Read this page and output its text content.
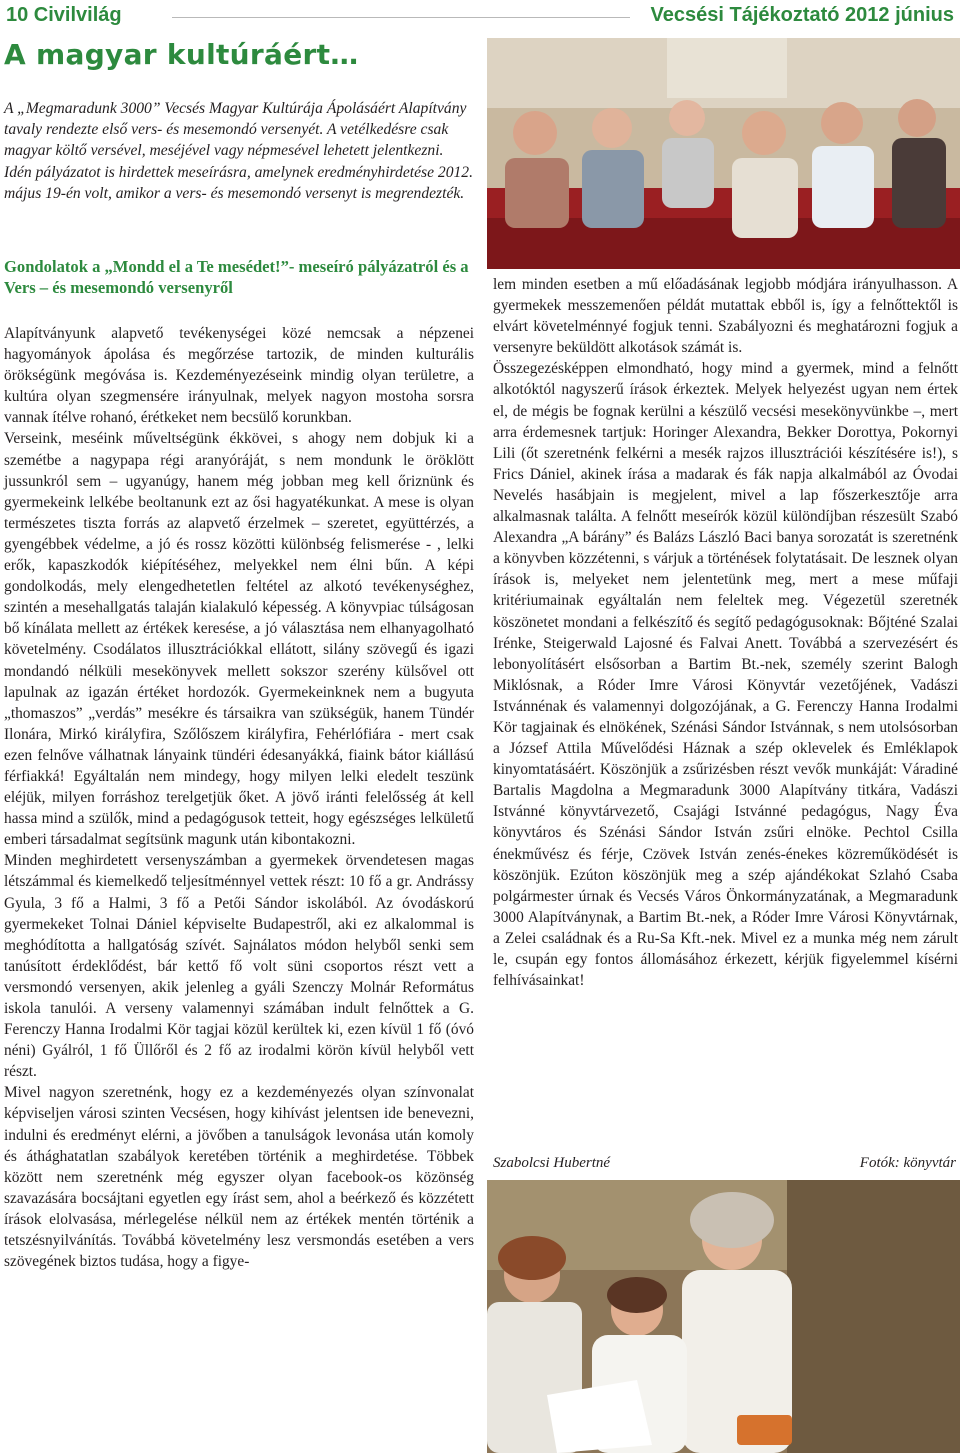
10 Civilvilág	Vecsési Tájékoztató 2012 június
A magyar kultúráért…
A „Megmaradunk 3000” Vecsés Magyar Kultúrája Ápolásáért Alapítvány tavaly rendezte első vers- és mesemondó versenyét. A vetélkedésre csak magyar költő versével, meséjével vagy népmesével lehetett jelentkezni. Idén pályázatot is hirdettek meseírásra, amelynek eredményhirdetése 2012. május 19-én volt, amikor a vers- és mesemondó versenyt is megrendezték.
Gondolatok a „Mondd el a Te mesédet!”- meseíró pályázatról és a Vers – és mesemondó versenyről

Alapítványunk alapvető tevékenységei közé nemcsak a népzenei hagyományok ápolása és megőrzése tartozik, de minden kulturális örökségünk megóvása is. Kezdeményezéseink mindig olyan területre, a kultúra olyan szegmensére irányulnak, melyek nagyon mostoha sorsra vannak ítélve rohanó, érétkeket nem becsülő korunkban.

Verseink, meséink műveltségünk ékkövei, s ahogy nem dobjuk ki a szemétbe a nagypapa régi aranyóráját, s nem mondunk le öröklött jussunkról sem – ugyanúgy, hanem még jobban meg kell őriznünk és gyermekeink lelkébe beoltanunk ezt az ősi hagyatékunkat. A mese is olyan természetes tiszta forrás az alapvető érzelmek – szeretet, együttérzés, a gyengébbek védelme, a jó és rossz közötti különbség felismerése - , lelki erők, kapaszkodók kiépítéséhez, melyekkel nem élni bűn. A képi gondolkodás, mely elengedhetetlen feltétel az alkotó tevékenységhez, szintén a mesehallgatás talaján kialakuló képesség. A könyvpiac túlságosan bő kínálata mellett az értékek keresése, a jó választása nem elhanyagolható követelmény. Csodálatos illusztrációkkal ellátott, silány szövegű és igazi mondandó nélküli mesekönyvek mellett sokszor szerény külsővel ott lapulnak az igazán értéket hordozók. Gyermekeinknek nem a bugyuta „thomaszos” „verdás” mesékre és társaikra van szükségük, hanem Tündér Ilonára, Mirkó királyfira, Szőlőszem királyfira, Fehérlófiára - mert csak ezen felnőve válhatnak lányaink tündéri édesanyákká, fiaink bátor kiállású férfiakká! Egyáltalán nem mindegy, hogy milyen lelki eledelt teszünk eléjük, milyen forráshoz terelgetjük őket. A jövő iránti felelősség át kell hassa mind a szülők, mind a pedagógusok tetteit, hogy egészséges lelkületű emberi társadalmat segítsünk magunk után kibontakozni.

Minden meghirdetett versenyszámban a gyermekek örvendetesen magas létszámmal és kiemelkedő teljesítménnyel vettek részt: 10 fő a gr. Andrássy Gyula, 3 fő a Halmi, 3 fő a Petői Sándor iskolából. Az óvodáskorú gyermekeket Tolnai Dániel képviselte Budapestről, aki ez alkalommal is meghódította a hallgatóság szívét. Sajnálatos módon helyből senki sem tanúsított érdeklődést, bár kettő fő volt süni csoportos részt vett a versmondó versenyen, akik jelenleg a gyáli Szenczy Molnár Református iskola tanulói. A verseny valamennyi számában indult felnőttek a G. Ferenczy Hanna Irodalmi Kör tagjai közül kerültek ki, ezen kívül 1 fő (óvó néni) Gyálról, 1 fő Üllőről és 2 fő az irodalmi körön kívül helyből vett részt.

Mivel nagyon szeretnénk, hogy ez a kezdeményezés olyan színvonalat képviseljen városi szinten Vecsésen, hogy kihívást jelentsen ide benevezni, indulni és eredményt elérni, a jövőben a tanulságok levonása után komoly és áthághatatlan szabályok keretében történik a meghirdetése. Többek között nem szeretnénk még egyszer olyan facebook-os közönség szavazására bocsájtani egyetlen egy írást sem, ahol a beérkező és közzétett írások elolvasása, mérlegelése nélkül nem az értékek mentén történik a tetszésnyilvánítás. Továbbá követelmény lesz versmondás esetében a vers szövegének biztos tudása, hogy a figye-

lem minden esetben a mű előadásának legjobb módjára irányulhasson. A gyermekek messzemenően példát mutattak ebből is, így a felnőttektől is elvárt követelménnyé fogjuk tenni. Szabályozni és meghatározni fogjuk a versenyre beküldött alkotások számát is.

Összegezésképpen elmondható, hogy mind a gyermek, mind a felnőtt alkotóktól nagyszerű írások érkeztek. Melyek helyezést ugyan nem értek el, de mégis be fognak kerülni a készülő vecsési mesekönyvünkbe –, mert arra érdemesnek tartjuk: Horinger Alexandra, Bekker Dorottya, Pokornyi Lili (őt szeretnénk felkérni a mesék rajzos illusztrációi készítésére is!), s Frics Dániel, akinek írása a madarak és fák napja alkalmából az Óvodai Nevelés hasábjain is megjelent, mivel a lap főszerkesztője arra alkalmasnak találta. A felnőtt meseírók közül különdíjban részesült Szabó Alexandra „A bárány” és Balázs László Baci banya sorozatát is szeretnénk a könyvben közzétenni, s várjuk a történések folytatásait. De lesznek olyan írások is, melyeket nem jelentetünk meg, mert a mese műfaji kritériumainak egyáltalán nem feleltek meg. Végezetül szeretnék köszönetet mondani a felkészítő és segítő pedagógusoknak: Bőjténé Szalai Irénke, Steigerwald Lajosné és Falvai Anett. Továbbá a szervezésért és lebonyolításért elsősorban a Bartim Bt.-nek, személy szerint Balogh Miklósnak, a Róder Imre Városi Könyvtár vezetőjének, Vadászi Istvánnénak és valamennyi dolgozójának, a G. Ferenczy Hanna Irodalmi Kör tagjainak és elnökének, Szénási Sándor Istvánnak, s nem utolsósorban a József Attila Művelődési Háznak a szép oklevelek és Emléklapok kinyomtatásáért. Köszönjük a zsűrizésben részt vevők munkáját: Váradiné Bartalis Magdolna a Megmaradunk 3000 Alapítvány titkára, Vadászi Istvánné könyvtárvezető, Csajági Istvánné pedagógus, Nagy Éva könyvtáros és Szénási Sándor István zsűri elnöke. Pechtol Csilla énekművész és férje, Czövek István zenés-énekes közreműködését is köszönjük. Ezúton köszönjük meg a szép ajándékokat Szlahó Csaba polgármester úrnak és Vecsés Város Önkormányzatának, a Megmaradunk 3000 Alapítványnak, a Bartim Bt.-nek, a Róder Imre Városi Könyvtárnak, a Zelei családnak és a Ru-Sa Kft.-nek. Mivel ez a munka még nem zárult le, csupán egy fontos állomásához érkezett, kérjük figyelemmel kísérni felhívásainkat!

Szabolcsi Hubertné	Fotók: könyvtár
